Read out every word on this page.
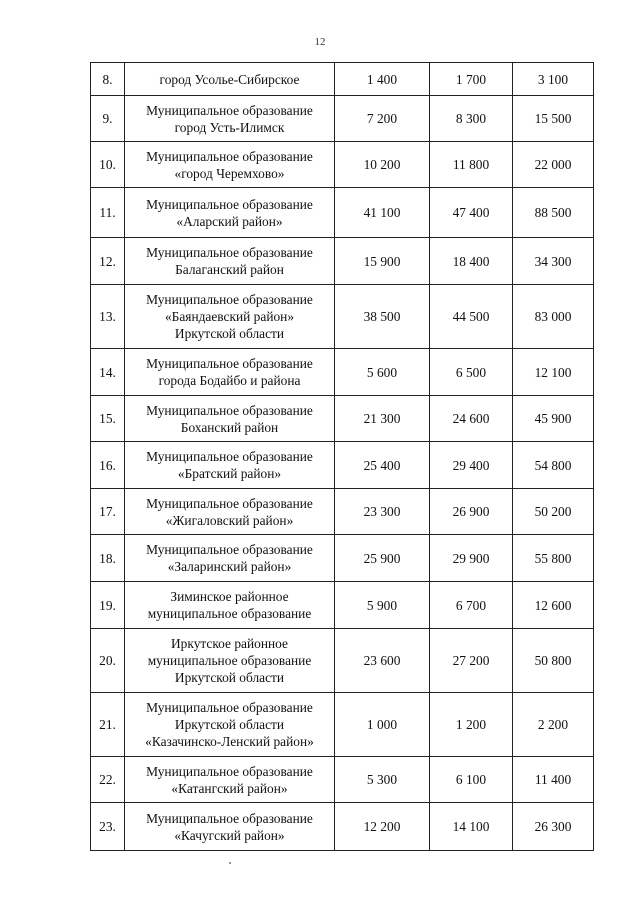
12
8.	город Усолье-Сибирское	1 400	1 700	3 100
9.	Муниципальное образование
город Усть-Илимск	7 200	8 300	15 500
10.	Муниципальное образование
«город Черемхово»	10 200	11 800	22 000
11.	Муниципальное образование
«Аларский район»	41 100	47 400	88 500
12.	Муниципальное образование
Балаганский район	15 900	18 400	34 300
13.	Муниципальное образование
«Баяндаевский район»
Иркутской области	38 500	44 500	83 000
14.	Муниципальное образование
города Бодайбо и района	5 600	6 500	12 100
15.	Муниципальное образование
Боханский район	21 300	24 600	45 900
16.	Муниципальное образование
«Братский район»	25 400	29 400	54 800
17.	Муниципальное образование
«Жигаловский район»	23 300	26 900	50 200
18.	Муниципальное образование
«Заларинский район»	25 900	29 900	55 800
19.	Зиминское районное
муниципальное образование	5 900	6 700	12 600
20.	Иркутское районное
муниципальное образование
Иркутской области	23 600	27 200	50 800
21.	Муниципальное образование
Иркутской области
«Казачинско-Ленский район»	1 000	1 200	2 200
22.	Муниципальное образование
«Катангский район»	5 300	6 100	11 400
23.	Муниципальное образование
«Качугский район»	12 200	14 100	26 300
